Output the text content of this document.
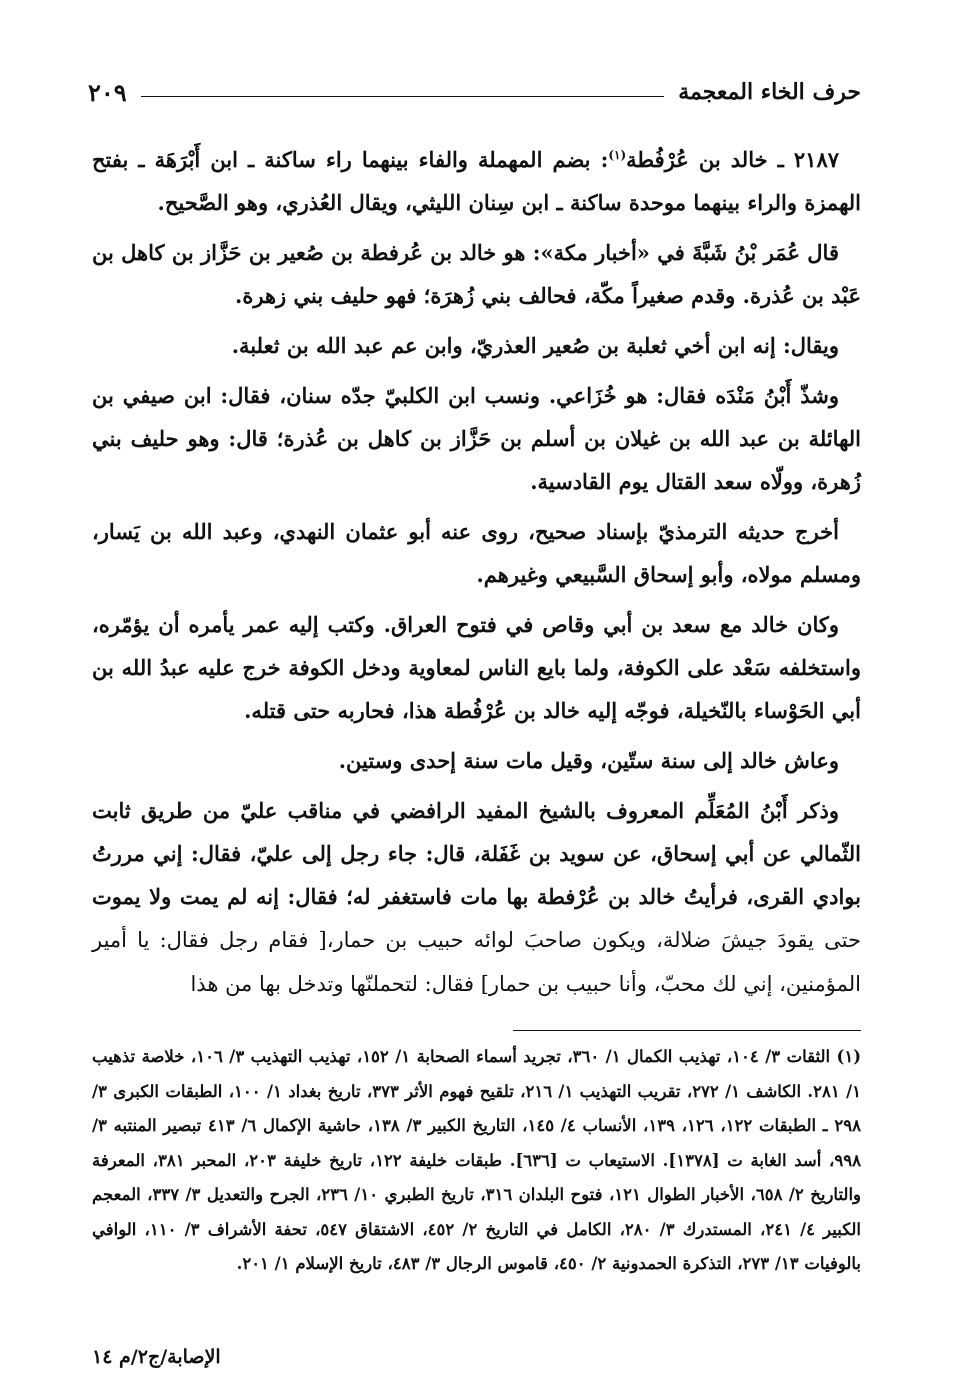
حرف الخاء المعجمة
٢٠٩

٢١٨٧ ـ خالد بن عُرْفُطة$^{(١)}$: بضم المهملة والفاء بينهما راء ساكنة ـ ابن أَبْرَهَة ـ بفتح الهمزة والراء بينهما موحدة ساكنة ـ ابن سِنان الليثي، ويقال العُذري، وهو الصَّحيح.

قال عُمَر بْنُ شَبَّةَ في «أخبار مكة»: هو خالد بن عُرفطة بن صُعير بن حَزَّاز بن كاهل بن عَبْد بن عُذرة. وقدم صغيراً مكّة، فحالف بني زُهرَة؛ فهو حليف بني زهرة.

ويقال: إنه ابن أخي ثعلبة بن صُعير العذريّ، وابن عم عبد الله بن ثعلبة.

وشذّ أَبْنُ مَنْدَه فقال: هو خُزَاعي. ونسب ابن الكلبيّ جدّه سنان، فقال: ابن صيفي بن الهائلة بن عبد الله بن غيلان بن أسلم بن حَزَّاز بن كاهل بن عُذرة؛ قال: وهو حليف بني زُهرة، وولّاه سعد القتال يوم القادسية.

أخرج حديثه الترمذيّ بإسناد صحيح، روى عنه أبو عثمان النهدي، وعبد الله بن يَسار، ومسلم مولاه، وأبو إسحاق السَّبيعي وغيرهم.

وكان خالد مع سعد بن أبي وقاص في فتوح العراق. وكتب إليه عمر يأمره أن يؤمّره، واستخلفه سَعْد على الكوفة، ولما بايع الناس لمعاوية ودخل الكوفة خرج عليه عبدُ الله بن أبي الحَوْساء بالنّخيلة، فوجّه إليه خالد بن عُرْفُطة هذا، فحاربه حتى قتله.

وعاش خالد إلى سنة ستّين، وقيل مات سنة إحدى وستين.

وذكر أَبْنُ المُعَلِّم المعروف بالشيخ المفيد الرافضي في مناقب عليّ من طريق ثابت الثّمالي عن أبي إسحاق، عن سويد بن غَفَلة، قال: جاء رجل إلى عليّ، فقال: إني مررتُ بوادي القرى، فرأيتُ خالد بن عُرْفطة بها مات فاستغفر له؛ فقال: إنه لم يمت ولا يموت حتى يقودَ جيشَ ضلالة، ويكون صاحبَ لوائه حبيب بن حمار،[ فقام رجل فقال: يا أمير المؤمنين، إني لك محبّ، وأنا حبيب بن حمار] فقال: لتحملنّها وتدخل بها من هذا

(١) الثقات ٣/ ١٠٤، تهذيب الكمال ١/ ٣٦٠، تجريد أسماء الصحابة ١/ ١٥٢، تهذيب التهذيب ٣/ ١٠٦، خلاصة تذهيب ١/ ٢٨١. الكاشف ١/ ٢٧٢، تقريب التهذيب ١/ ٢١٦، تلقيح فهوم الأثر ٣٧٣، تاريخ بغداد ١/ ١٠٠، الطبقات الكبرى ٣/ ٢٩٨ ـ الطبقات ١٢٢، ١٢٦، ١٣٩، الأنساب ٤/ ١٤٥، التاريخ الكبير ٣/ ١٣٨، حاشية الإكمال ٦/ ٤١٣ تبصير المنتبه ٣/ ٩٩٨، أسد الغابة ت [١٣٧٨]. الاستيعاب ت [٦٣٦]. طبقات خليفة ١٢٢، تاريخ خليفة ٢٠٣، المحبر ٣٨١، المعرفة والتاريخ ٢/ ٦٥٨، الأخبار الطوال ١٢١، فتوح البلدان ٣١٦، تاريخ الطبري ١٠/ ٢٣٦، الجرح والتعديل ٣/ ٣٣٧، المعجم الكبير ٤/ ٢٤١، المستدرك ٣/ ٢٨٠، الكامل في التاريخ ٢/ ٤٥٢، الاشتقاق ٥٤٧، تحفة الأشراف ٣/ ١١٠، الوافي بالوفيات ١٣/ ٢٧٣، التذكرة الحمدونية ٢/ ٤٥٠، قاموس الرجال ٣/ ٤٨٣، تاريخ الإسلام ١/ ٢٠١.

الإصابة/ج٢/م ١٤
